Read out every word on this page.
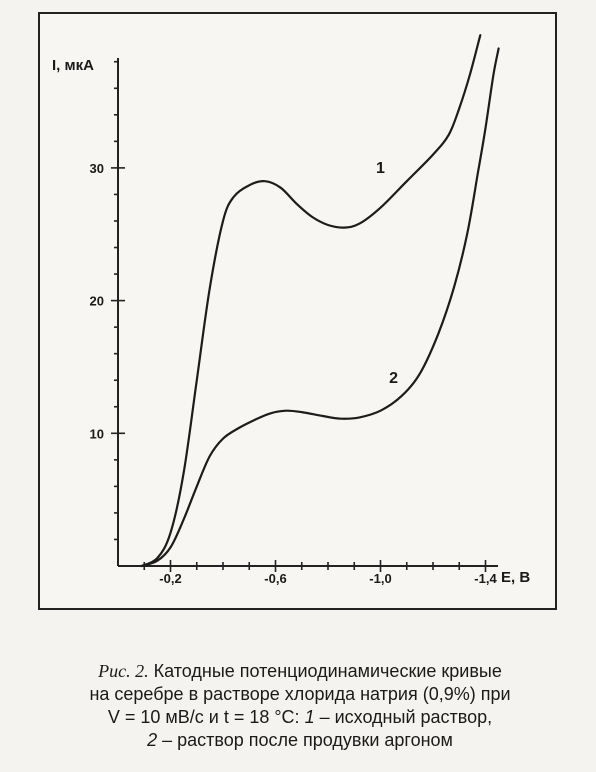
10
20
30
-0,2	-0,6	-1,0	-1,4
I, мкА
E, В
1
2
Рис. 2. Катодные потенциодинамические кривые
на серебре в растворе хлорида натрия (0,9%) при
V = 10 мВ/с и t = 18 °С: 1 – исходный раствор,
2 – раствор после продувки аргоном
